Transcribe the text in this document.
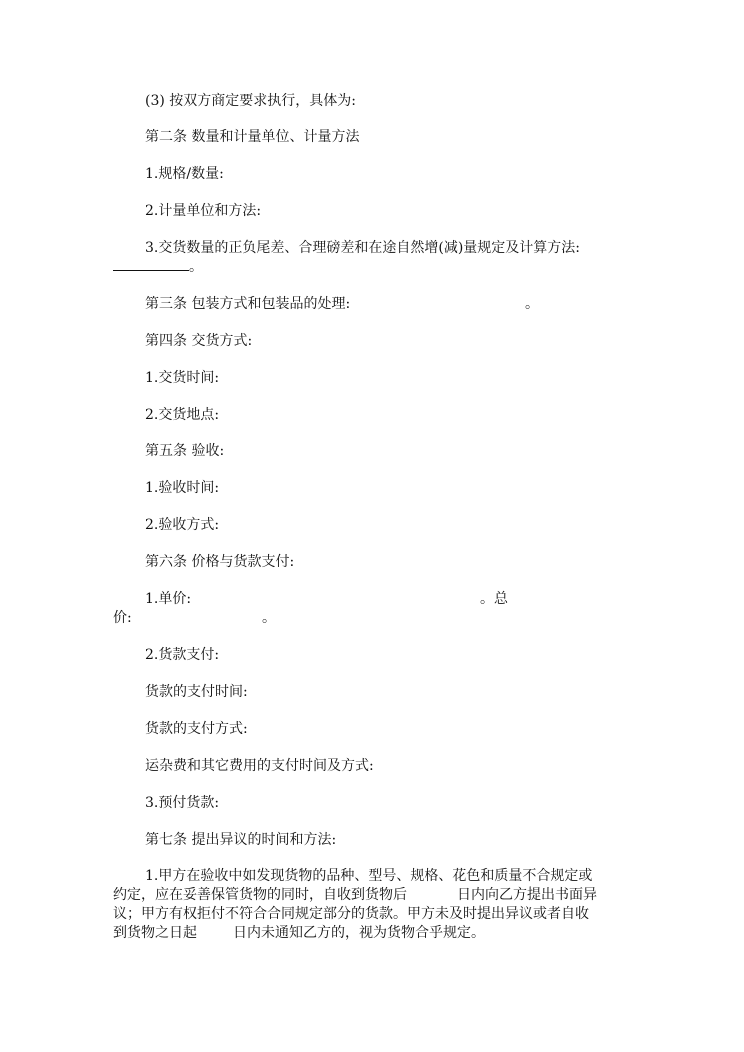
(3) 按双方商定要求执行，具体为:
第二条 数量和计量单位、计量方法
1.规格/数量:
2.计量单位和方法:
3.交货数量的正负尾差、合理磅差和在途自然增(减)量规定及计算方法:
。
第三条 包装方式和包装品的处理:	。
第四条 交货方式:
1.交货时间:
2.交货地点:
第五条 验收:
1.验收时间:
2.验收方式:
第六条 价格与货款支付:
1.单价:	。总
价:	。
2.货款支付:
货款的支付时间:
货款的支付方式:
运杂费和其它费用的支付时间及方式:
3.预付货款:
第七条 提出异议的时间和方法:
1.甲方在验收中如发现货物的品种、型号、规格、花色和质量不合规定或
约定，应在妥善保管货物的同时，自收到货物后	日内向乙方提出书面异
议；甲方有权拒付不符合合同规定部分的货款。甲方未及时提出异议或者自收
到货物之日起	日内未通知乙方的，视为货物合乎规定。
